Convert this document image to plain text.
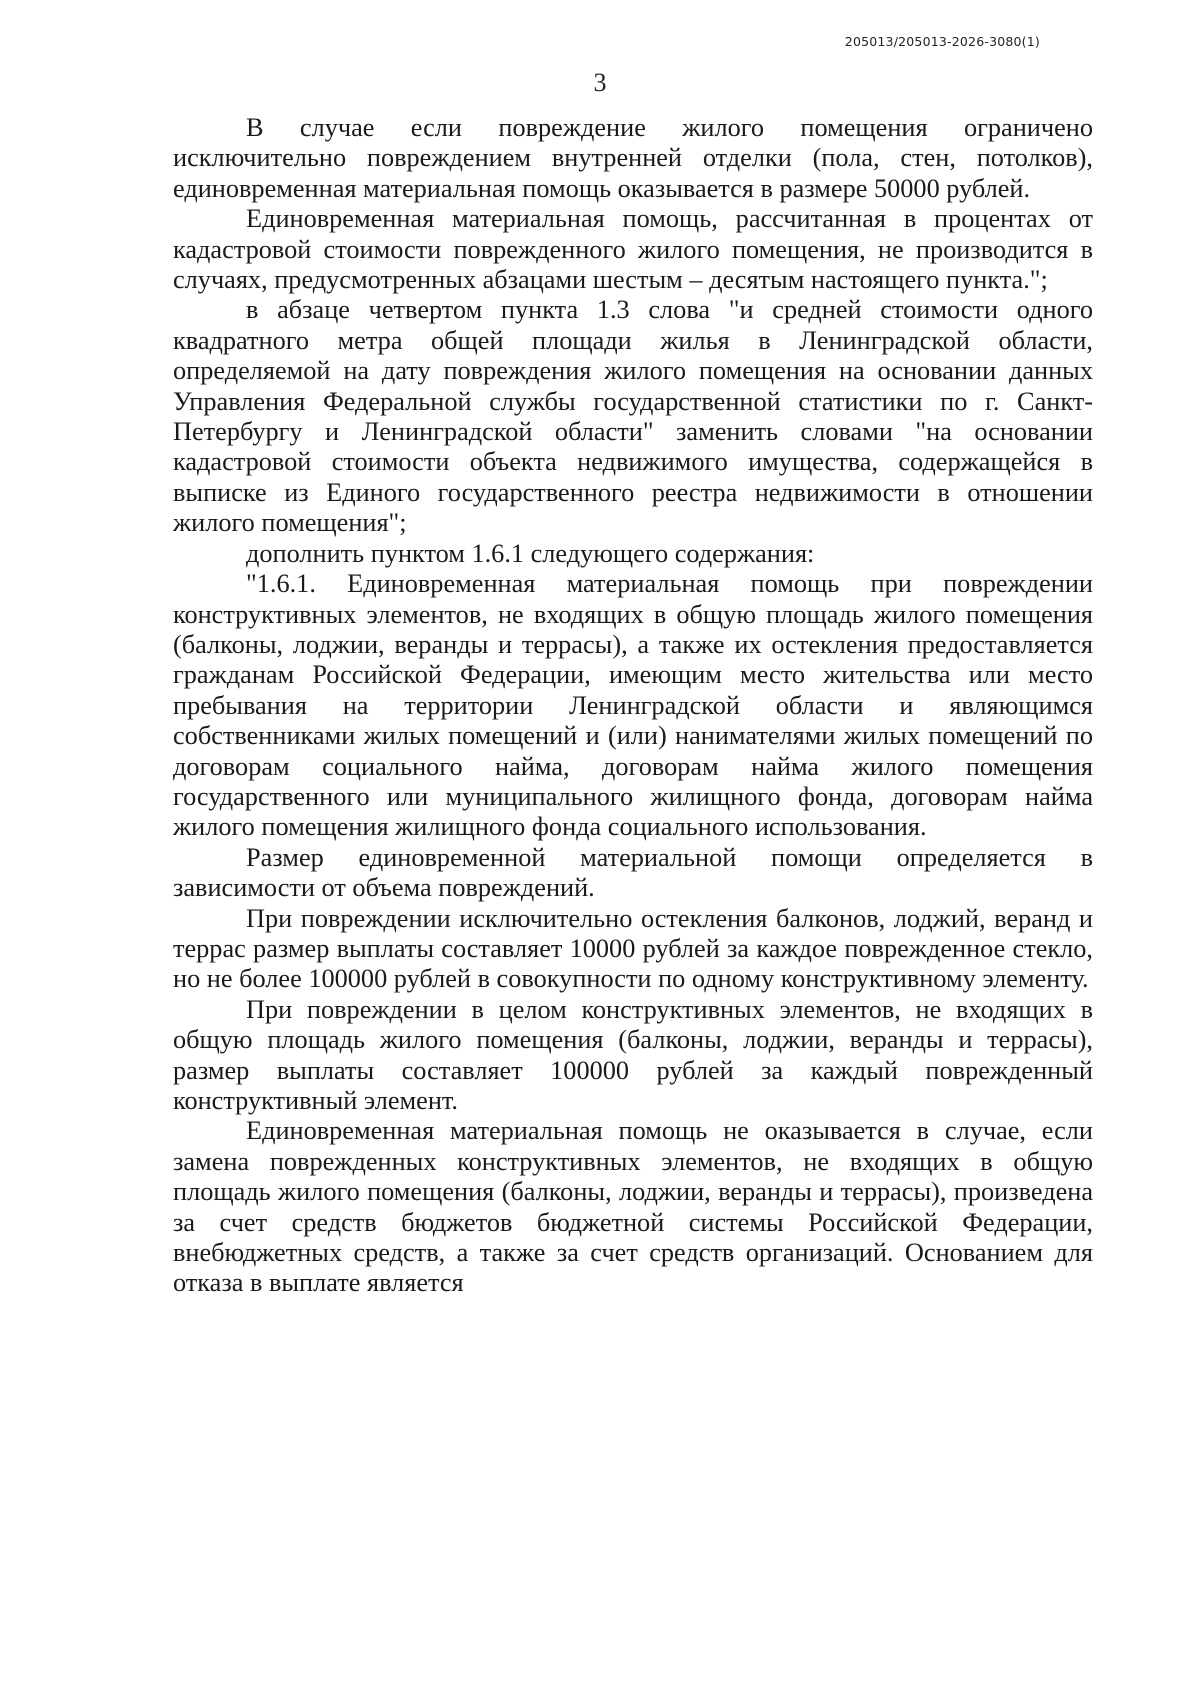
205013/205013-2026-3080(1)
3

В случае если повреждение жилого помещения ограничено исключительно повреждением внутренней отделки (пола, стен, потолков), единовременная материальная помощь оказывается в размере 50000 рублей.

Единовременная материальная помощь, рассчитанная в процентах от кадастровой стоимости поврежденного жилого помещения, не производится в случаях, предусмотренных абзацами шестым – десятым настоящего пункта.";

в абзаце четвертом пункта 1.3 слова "и средней стоимости одного квадратного метра общей площади жилья в Ленинградской области, определяемой на дату повреждения жилого помещения на основании данных Управления Федеральной службы государственной статистики по г. Санкт-Петербургу и Ленинградской области" заменить словами "на основании кадастровой стоимости объекта недвижимого имущества, содержащейся в выписке из Единого государственного реестра недвижимости в отношении жилого помещения";

дополнить пунктом 1.6.1 следующего содержания:

"1.6.1. Единовременная материальная помощь при повреждении конструктивных элементов, не входящих в общую площадь жилого помещения (балконы, лоджии, веранды и террасы), а также их остекления предоставляется гражданам Российской Федерации, имеющим место жительства или место пребывания на территории Ленинградской области и являющимся собственниками жилых помещений и (или) нанимателями жилых помещений по договорам социального найма, договорам найма жилого помещения государственного или муниципального жилищного фонда, договорам найма жилого помещения жилищного фонда социального использования.

Размер единовременной материальной помощи определяется в зависимости от объема повреждений.

При повреждении исключительно остекления балконов, лоджий, веранд и террас размер выплаты составляет 10000 рублей за каждое поврежденное стекло, но не более 100000 рублей в совокупности по одному конструктивному элементу.

При повреждении в целом конструктивных элементов, не входящих в общую площадь жилого помещения (балконы, лоджии, веранды и террасы), размер выплаты составляет 100000 рублей за каждый поврежденный конструктивный элемент.

Единовременная материальная помощь не оказывается в случае, если замена поврежденных конструктивных элементов, не входящих в общую площадь жилого помещения (балконы, лоджии, веранды и террасы), произведена за счет средств бюджетов бюджетной системы Российской Федерации, внебюджетных средств, а также за счет средств организаций. Основанием для отказа в выплате является
